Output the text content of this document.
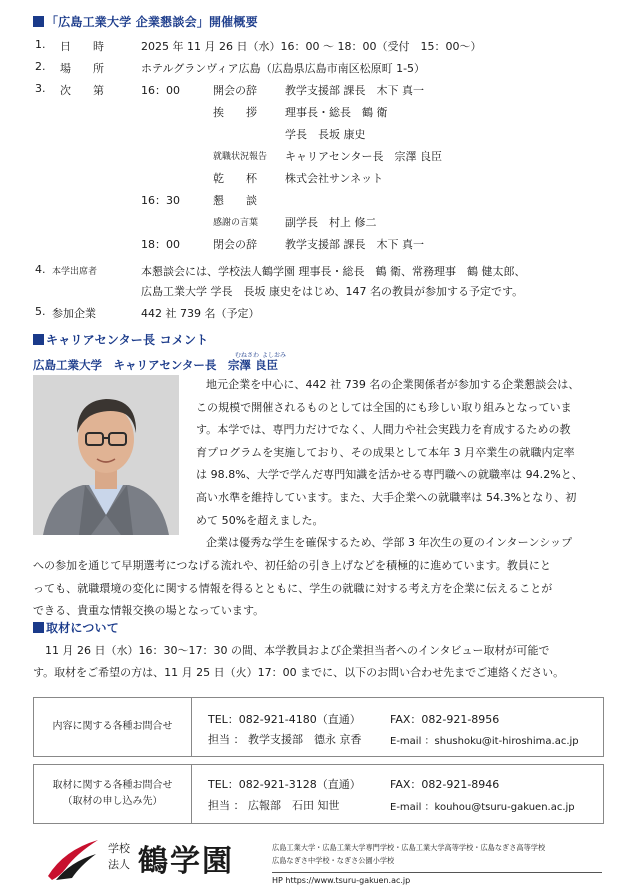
「広島工業大学 企業懇談会」開催概要
1. 日　　時	2025 年 11 月 26 日（水）16：00 ～ 18：00（受付　15：00～）
2. 場　　所	ホテルグランヴィア広島（広島県広島市南区松原町 1-5）
3. 次　　第	16：00	開会の辞	教学支援部 課長　木下 真一
挨　　拶	理事長・総長　鶴 衛
学長　長坂 康史
就職状況報告 キャリアセンター長　宗澤 良臣
乾　　杯	株式会社サンネット
16：30	懇　　談
感謝の言葉 副学長　村上 修二
18：00	閉会の辞	教学支援部 課長　木下 真一
4. 本学出席者	本懇談会には、学校法人鶴学園 理事長・総長　鶴 衛、常務理事　鶴 健太郎、
広島工業大学 学長　長坂 康史をはじめ、147 名の教員が参加する予定です。
5. 参加企業	442 社 739 名（予定）
キャリアセンター長 コメント
広島工業大学　キャリアセンター長　宗澤 良臣
むねさわ よしおみ
地元企業を中心に、442 社 739 名の企業関係者が参加する企業懇談会は、
この規模で開催されるものとしては全国的にも珍しい取り組みとなっていま
す。本学では、専門力だけでなく、人間力や社会実践力を育成するための教
育プログラムを実施しており、その成果として本年 3 月卒業生の就職内定率
は 98.8%、大学で学んだ専門知識を活かせる専門職への就職率は 94.2%と、
高い水準を維持しています。また、大手企業への就職率は 54.3%となり、初
めて 50%を超えました。
企業は優秀な学生を確保するため、学部 3 年次生の夏のインターンシップ
への参加を通じて早期選考につなげる流れや、初任給の引き上げなどを積極的に進めています。教員にと
っても、就職環境の変化に関する情報を得るとともに、学生の就職に対する考え方を企業に伝えることが
できる、貴重な情報交換の場となっています。
取材について
11 月 26 日（水）16：30～17：30 の間、本学教員および企業担当者へのインタビュー取材が可能で
す。取材をご希望の方は、11 月 25 日（火）17：00 までに、以下のお問い合わせ先までご連絡ください。
内容に関する各種お問合せ
TEL：082-921-4180（直通）	FAX：082-921-8956
担当 ： 教学支援部　德永 京香	E-mail ：shushoku@it-hiroshima.ac.jp
取材に関する各種お問合せ
（取材の申し込み先）
TEL：082-921-3128（直通）	FAX：082-921-8946
担当 ： 広報部　石田 知世	E-mail ：kouhou@tsuru-gakuen.ac.jp
学校
法人 鶴学園	広島工業大学・広島工業大学専門学校・広島工業大学高等学校・広島なぎさ高等学校
広島なぎさ中学校・なぎさ公園小学校
HP https://www.tsuru-gakuen.ac.jp
